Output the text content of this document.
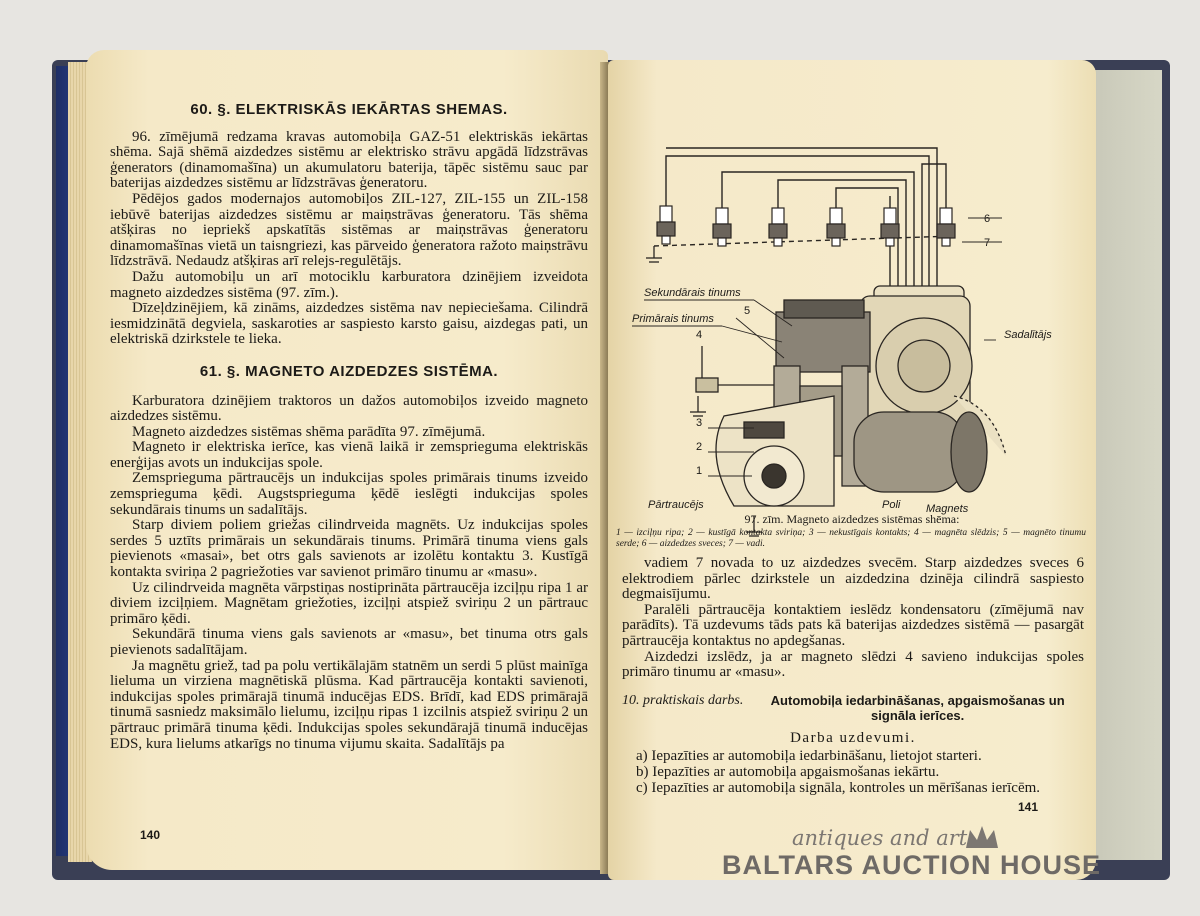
60. §. ELEKTRISKĀS IEKĀRTAS SHEMAS.

96. zīmējumā redzama kravas automobiļa GAZ-51 elektriskās iekārtas shēma. Sajā shēmā aizdedzes sistēmu ar elektrisko strāvu apgādā līdzstrāvas ģenerators (dinamomašīna) un akumulatoru baterija, tāpēc sistēmu sauc par baterijas aizdedzes sistēmu ar līdzstrāvas ģeneratoru.

Pēdējos gados modernajos automobiļos ZIL-127, ZIL-155 un ZIL-158 iebūvē baterijas aizdedzes sistēmu ar maiņstrāvas ģeneratoru. Tās shēma atšķiras no iepriekš apskatītās sistēmas ar maiņstrāvas ģeneratoru dinamomašīnas vietā un taisngriezi, kas pārveido ģeneratora ražoto maiņstrāvu līdzstrāvā. Nedaudz atšķiras arī relejs-regulētājs.

Dažu automobiļu un arī motociklu karburatora dzinējiem izveidota magneto aizdedzes sistēma (97. zīm.).

Dīzeļdzinējiem, kā zināms, aizdedzes sistēma nav nepieciešama. Cilindrā iesmidzinātā degviela, saskaroties ar saspiesto karsto gaisu, aizdegas pati, un elektriskā dzirkstele te lieka.

61. §. MAGNETO AIZDEDZES SISTĒMA.

Karburatora dzinējiem traktoros un dažos automobiļos izveido magneto aizdedzes sistēmu.

Magneto aizdedzes sistēmas shēma parādīta 97. zīmējumā.

Magneto ir elektriska ierīce, kas vienā laikā ir zemsprieguma elektriskās enerģijas avots un indukcijas spole.

Zemsprieguma pārtraucējs un indukcijas spoles primārais tinums izveido zemsprieguma ķēdi. Augstsprieguma ķēdē ieslēgti indukcijas spoles sekundārais tinums un sadalītājs.

Starp diviem poliem griežas cilindrveida magnēts. Uz indukcijas spoles serdes 5 uztīts primārais un sekundārais tinums. Primārā tinuma viens gals pievienots «masai», bet otrs gals savienots ar izolētu kontaktu 3. Kustīgā kontakta sviriņa 2 pagriežoties var savienot primāro tinumu ar «masu».

Uz cilindrveida magnēta vārpstiņas nostiprināta pārtraucēja izciļņu ripa 1 ar diviem izciļņiem. Magnētam griežoties, izciļņi atspiež sviriņu 2 un pārtrauc primāro ķēdi.

Sekundārā tinuma viens gals savienots ar «masu», bet tinuma otrs gals pievienots sadalītājam.

Ja magnētu griež, tad pa polu vertikālajām statnēm un serdi 5 plūst mainīga lieluma un virziena magnētiskā plūsma. Kad pārtraucēja kontakti savienoti, indukcijas spoles primārajā tinumā inducējas EDS. Brīdī, kad EDS primārajā tinumā sasniedz maksimālo lielumu, izciļņu ripas 1 izcilnis atspiež sviriņu 2 un pārtrauc primārā tinuma ķēdi. Indukcijas spoles sekundārajā tinumā inducējas EDS, kura lielums atkarīgs no tinuma vijumu skaita. Sadalītājs pa

140
Sekundārais tinums
Primārais tinums
Sadalītājs
Magnets
Pārtraucējs	Poli
5
4
3
2
1
6
7
97. zīm. Magneto aizdedzes sistēmas shēma:
1 — izciļņu ripa; 2 — kustīgā kontakta sviriņa; 3 — nekustīgais kontakts; 4 — magnēta slēdzis; 5 — magnēto tinumu serde; 6 — aizdedzes sveces; 7 — vadi.

vadiem 7 novada to uz aizdedzes svecēm. Starp aizdedzes sveces 6 elektrodiem pārlec dzirkstele un aizdedzina dzinēja cilindrā saspiesto degmaisījumu.

Paralēli pārtraucēja kontaktiem ieslēdz kondensatoru (zīmējumā nav parādīts). Tā uzdevums tāds pats kā baterijas aizdedzes sistēmā — pasargāt pārtraucēja kontaktus no apdegšanas.

Aizdedzi izslēdz, ja ar magneto slēdzi 4 savieno indukcijas spoles primāro tinumu ar «masu».

10. praktiskais darbs.	Automobiļa iedarbināšanas, apgaismošanas un signāla ierīces.
Darba uzdevumi.
a) Iepazīties ar automobiļa iedarbināšanu, lietojot starteri.
b) Iepazīties ar automobiļa apgaismošanas iekārtu.
c) Iepazīties ar automobiļa signāla, kontroles un mērīšanas ierīcēm.
141
antiques and art
BALTARS AUCTION HOUSE
